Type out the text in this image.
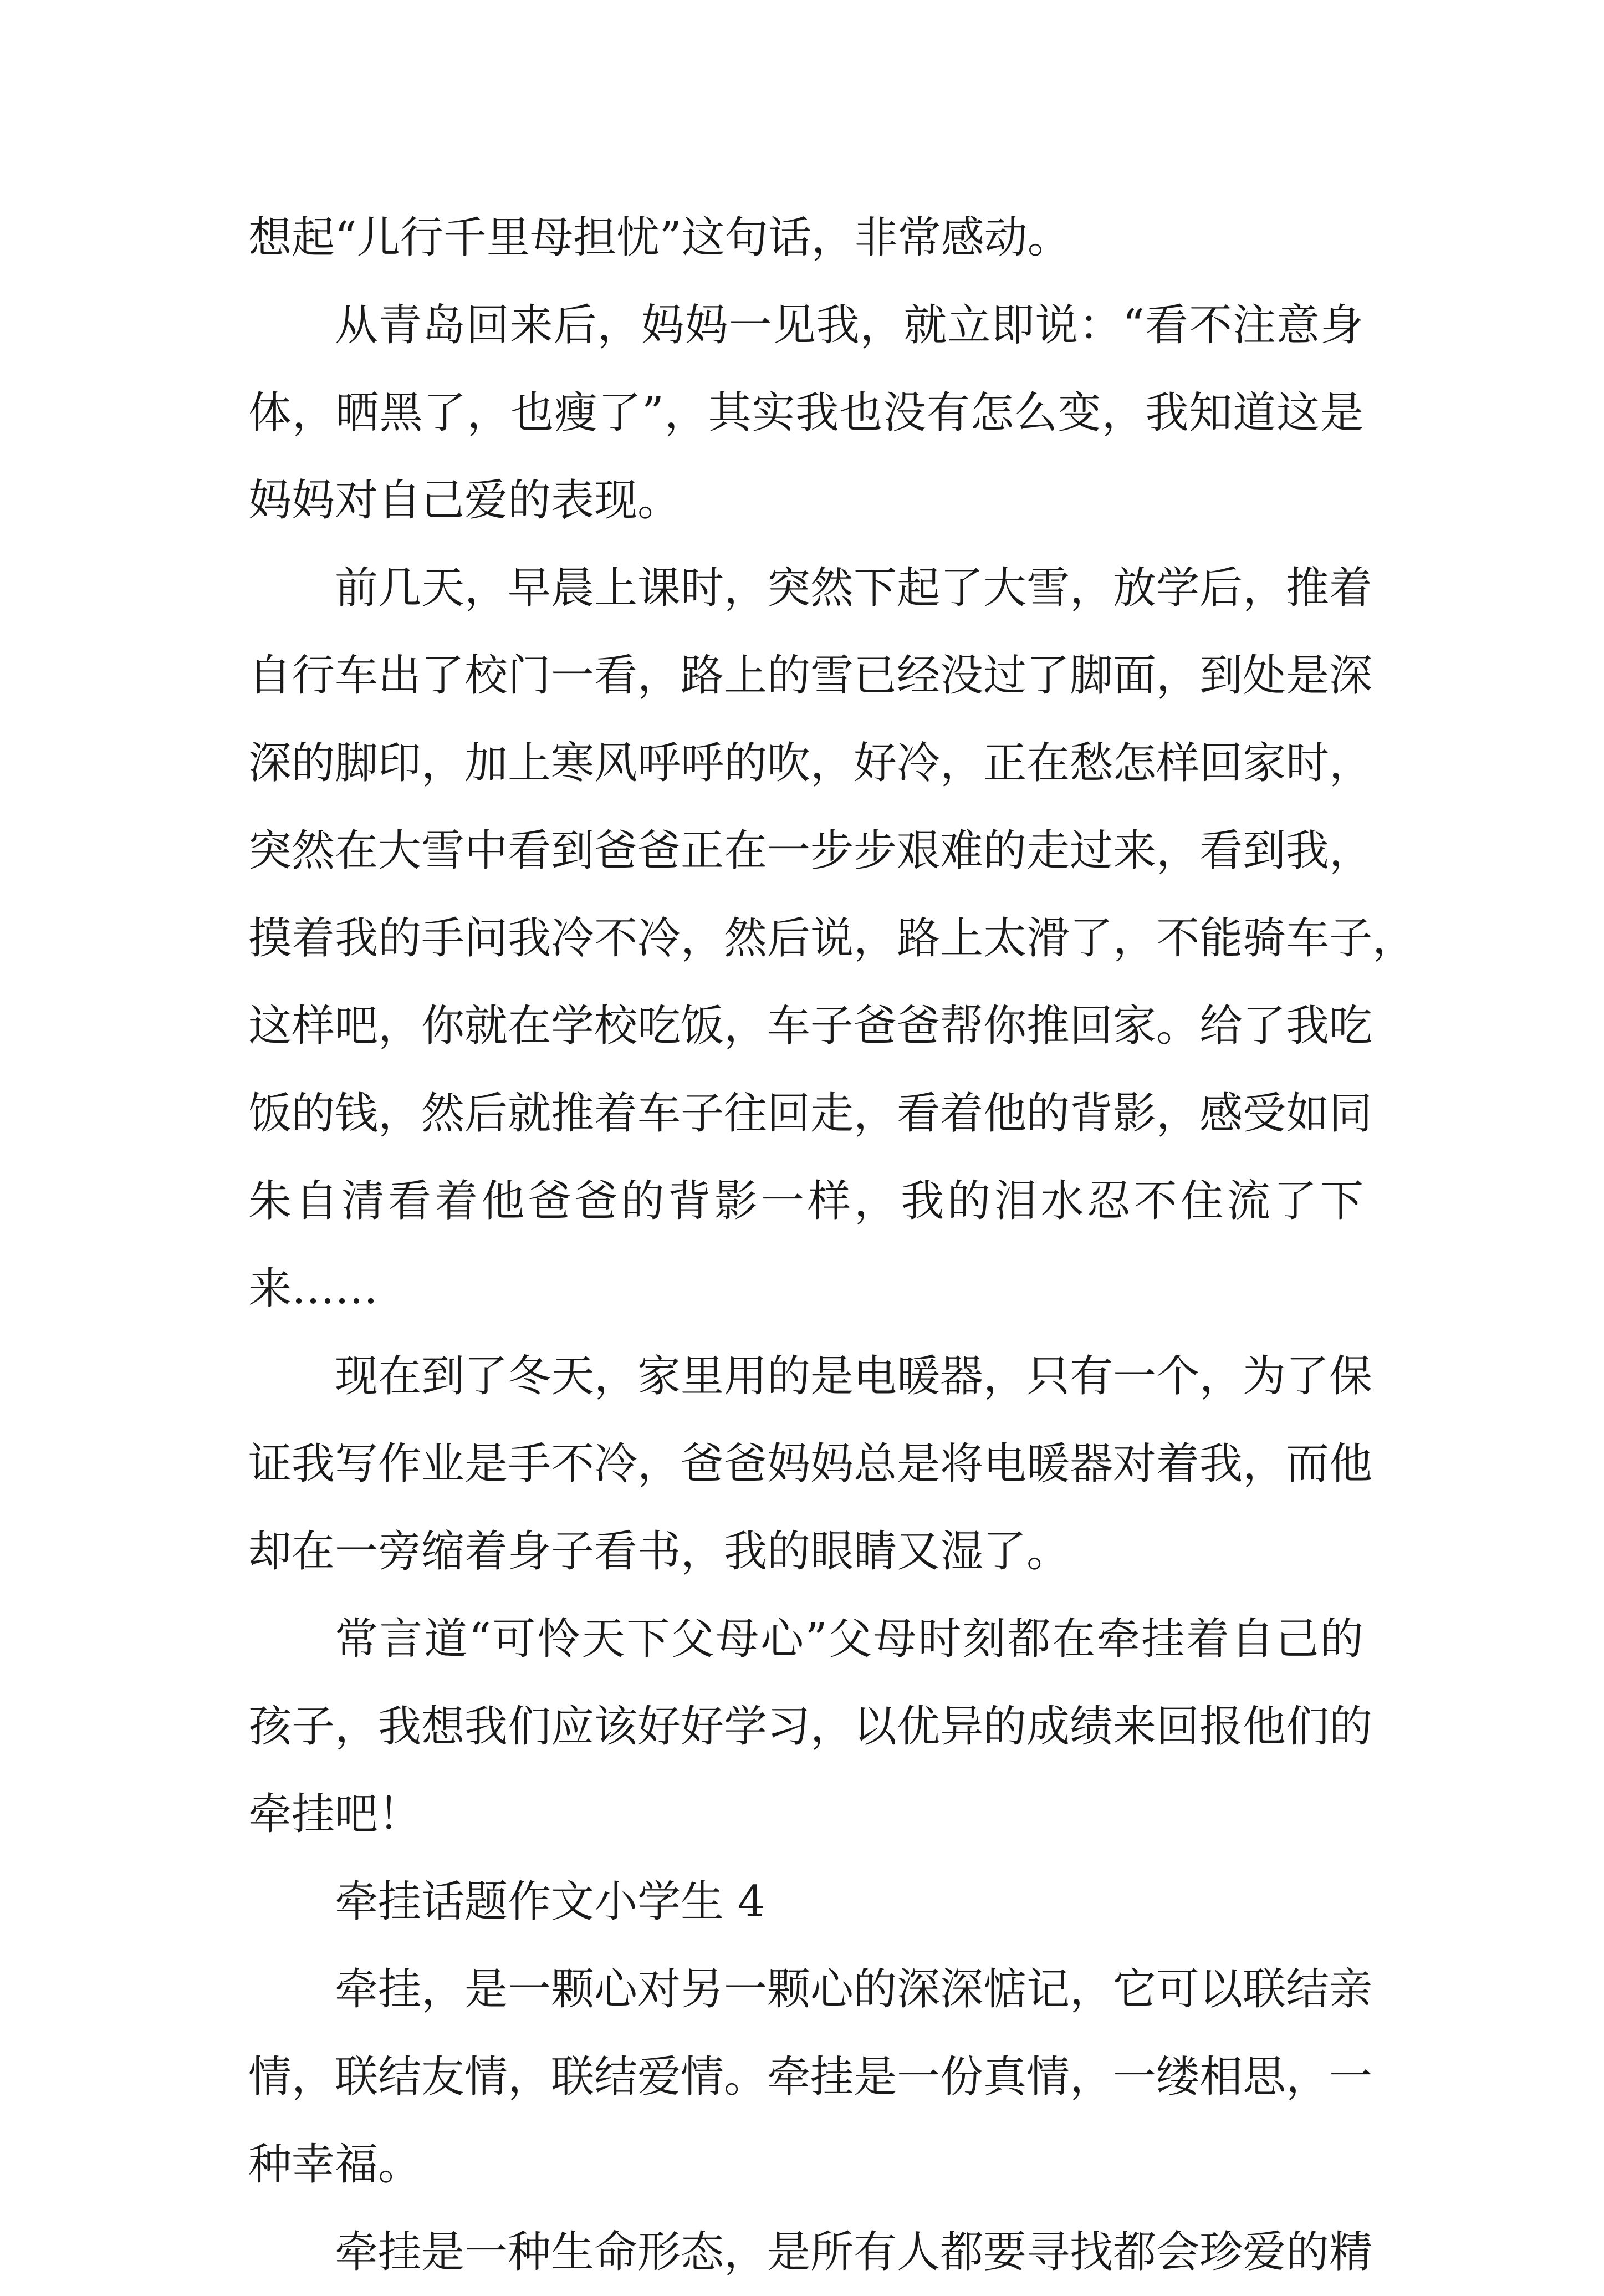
想起“儿行千里母担忧”这句话，非常感动。
从青岛回来后，妈妈一见我，就立即说：“看不注意身
体，晒黑了，也瘦了”，其实我也没有怎么变，我知道这是
妈妈对自己爱的表现。
前几天，早晨上课时，突然下起了大雪，放学后，推着
自行车出了校门一看，路上的雪已经没过了脚面，到处是深
深的脚印，加上寒风呼呼的吹，好冷，正在愁怎样回家时，
突然在大雪中看到爸爸正在一步步艰难的走过来，看到我，
摸着我的手问我冷不冷，然后说，路上太滑了，不能骑车子，
这样吧，你就在学校吃饭，车子爸爸帮你推回家。给了我吃
饭的钱，然后就推着车子往回走，看着他的背影，感受如同
朱自清看着他爸爸的背影一样，我的泪水忍不住流了下
来……
现在到了冬天，家里用的是电暖器，只有一个，为了保
证我写作业是手不冷，爸爸妈妈总是将电暖器对着我，而他
却在一旁缩着身子看书，我的眼睛又湿了。
常言道“可怜天下父母心”父母时刻都在牵挂着自己的
孩子，我想我们应该好好学习，以优异的成绩来回报他们的
牵挂吧！
牵挂话题作文小学生 4
牵挂，是一颗心对另一颗心的深深惦记，它可以联结亲
情，联结友情，联结爱情。牵挂是一份真情，一缕相思，一
种幸福。
牵挂是一种生命形态，是所有人都要寻找都会珍爱的精
